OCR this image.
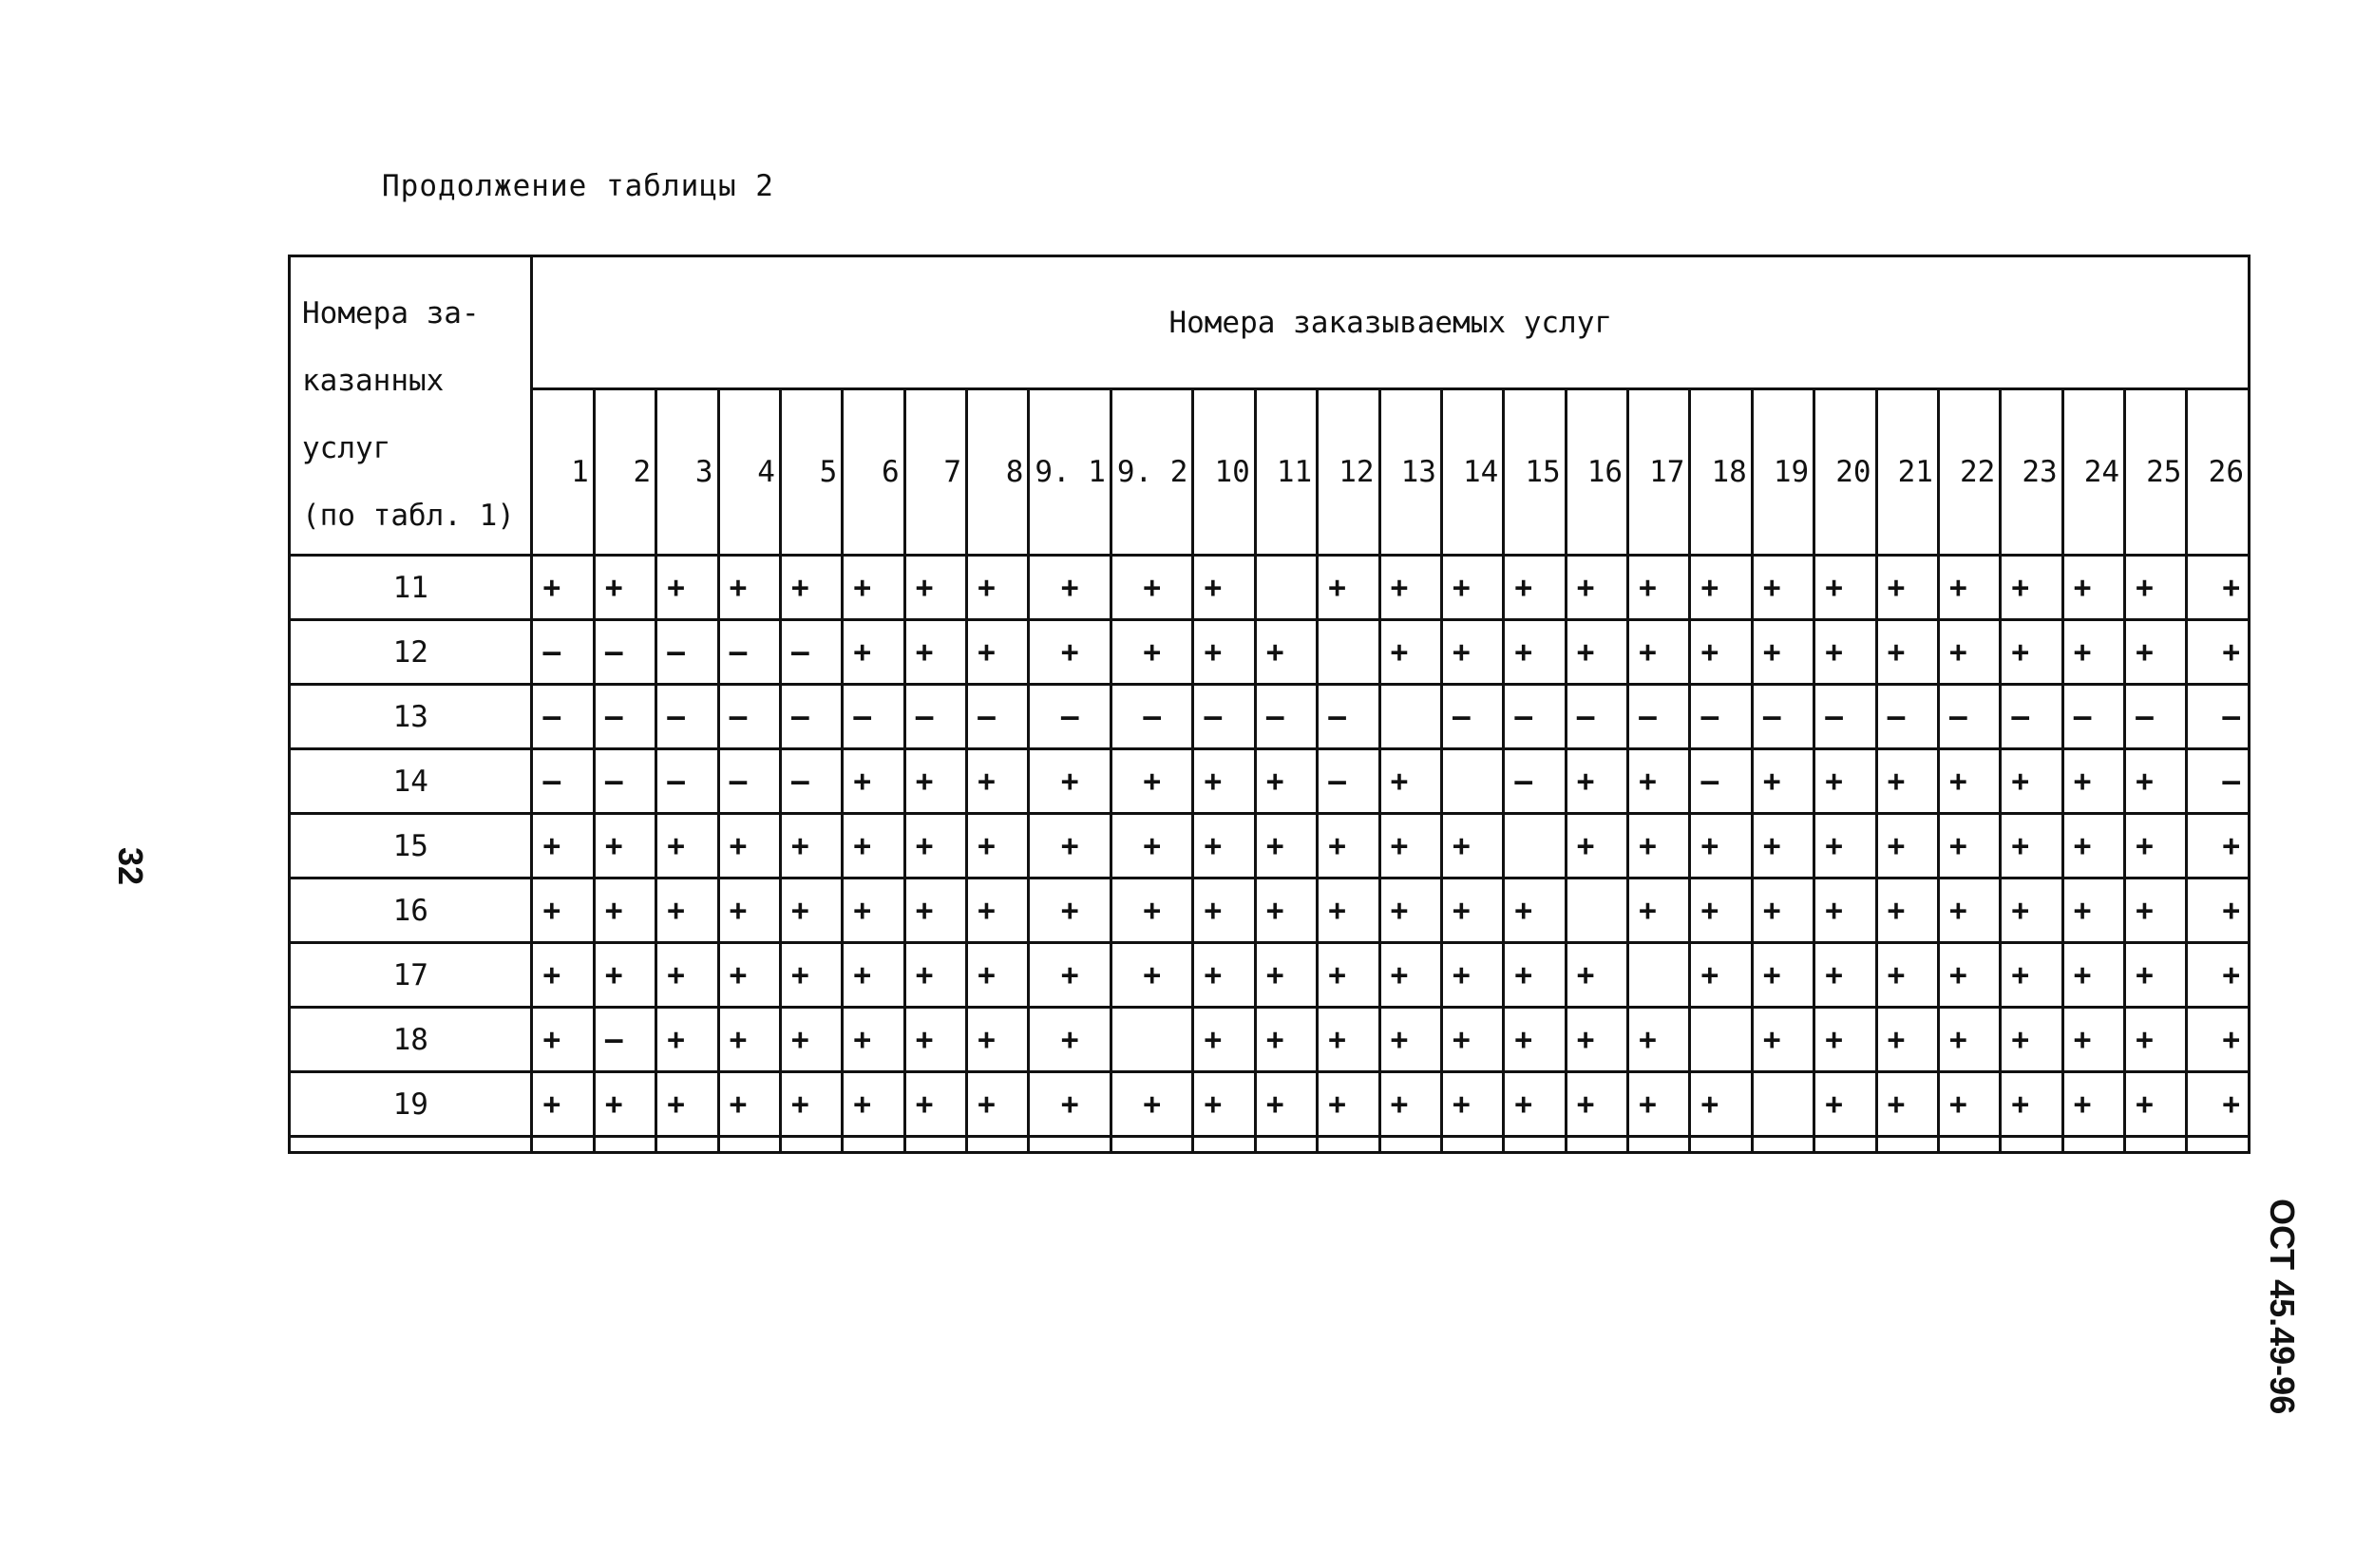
Продолжение таблицы 2
Номера за-
казанных
услуг
(по табл. 1)	Номера заказываемых услуг																										
	1	2	3	4	5	6	7	8	9. 1	9. 2	10	11	12	13	14	15	16	17	18	19	20	21	22	23	24	25	26
11	+	+	+	+	+	+	+	+	+	+	+		+	+	+	+	+	+	+	+	+	+	+	+	+	+	+
12	–	–	–	–	–	+	+	+	+	+	+	+		+	+	+	+	+	+	+	+	+	+	+	+	+	+
13	–	–	–	–	–	–	–	–	–	–	–	–	–		–	–	–	–	–	–	–	–	–	–	–	–	–
14	–	–	–	–	–	+	+	+	+	+	+	+	–	+		–	+	+	–	+	+	+	+	+	+	+	–
15	+	+	+	+	+	+	+	+	+	+	+	+	+	+	+		+	+	+	+	+	+	+	+	+	+	+
16	+	+	+	+	+	+	+	+	+	+	+	+	+	+	+	+		+	+	+	+	+	+	+	+	+	+
17	+	+	+	+	+	+	+	+	+	+	+	+	+	+	+	+	+		+	+	+	+	+	+	+	+	+
18	+	–	+	+	+	+	+	+	+		+	+	+	+	+	+	+	+		+	+	+	+	+	+	+	+
19	+	+	+	+	+	+	+	+	+	+	+	+	+	+	+	+	+	+	+		+	+	+	+	+	+	+

32
ОСТ 45.49-96
